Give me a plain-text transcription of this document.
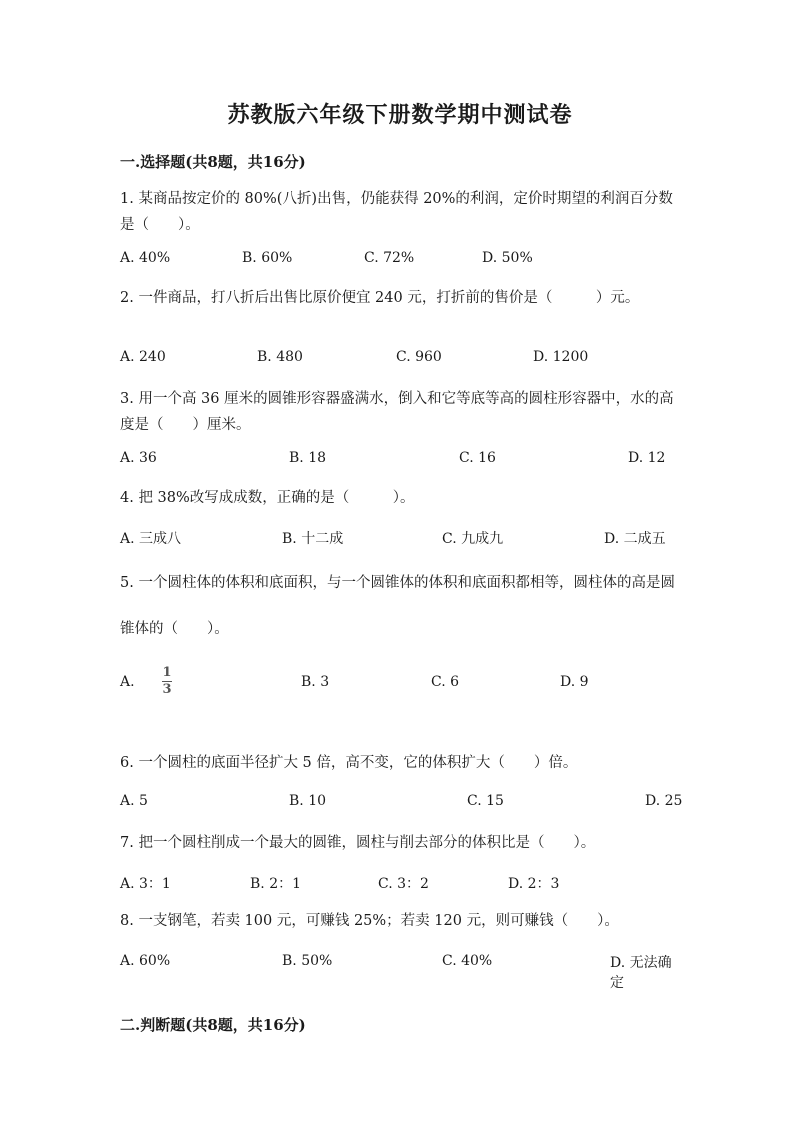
苏教版六年级下册数学期中测试卷
一.选择题(共8题，共16分)
1. 某商品按定价的 80%(八折)出售，仍能获得 20%的利润，定价时期望的利润百分数是（　　）。
A. 40%	B. 60%	C. 72%	D. 50%
2. 一件商品，打八折后出售比原价便宜 240 元，打折前的售价是（　　　）元。
A. 240	B. 480	C. 960	D. 1200
3. 用一个高 36 厘米的圆锥形容器盛满水，倒入和它等底等高的圆柱形容器中，水的高度是（　　）厘米。
A. 36	B. 18	C. 16	D. 12
4. 把 38%改写成成数，正确的是（　　　）。
A. 三成八	B. 十二成	C. 九成九	D. 二成五
5. 一个圆柱体的体积和底面积，与一个圆锥体的体积和底面积都相等，圆柱体的高是圆锥体的（　　）。
A.
1
3	B. 3	C. 6	D. 9
6. 一个圆柱的底面半径扩大 5 倍，高不变，它的体积扩大（　　）倍。
A. 5	B. 10	C. 15	D. 25
7. 把一个圆柱削成一个最大的圆锥，圆柱与削去部分的体积比是（　　）。
A. 3：1	B. 2：1	C. 3：2	D. 2：3
8. 一支钢笔，若卖 100 元，可赚钱 25%；若卖 120 元，则可赚钱（　　）。
A. 60%	B. 50%	C. 40%	D. 无法确定
二.判断题(共8题，共16分)
